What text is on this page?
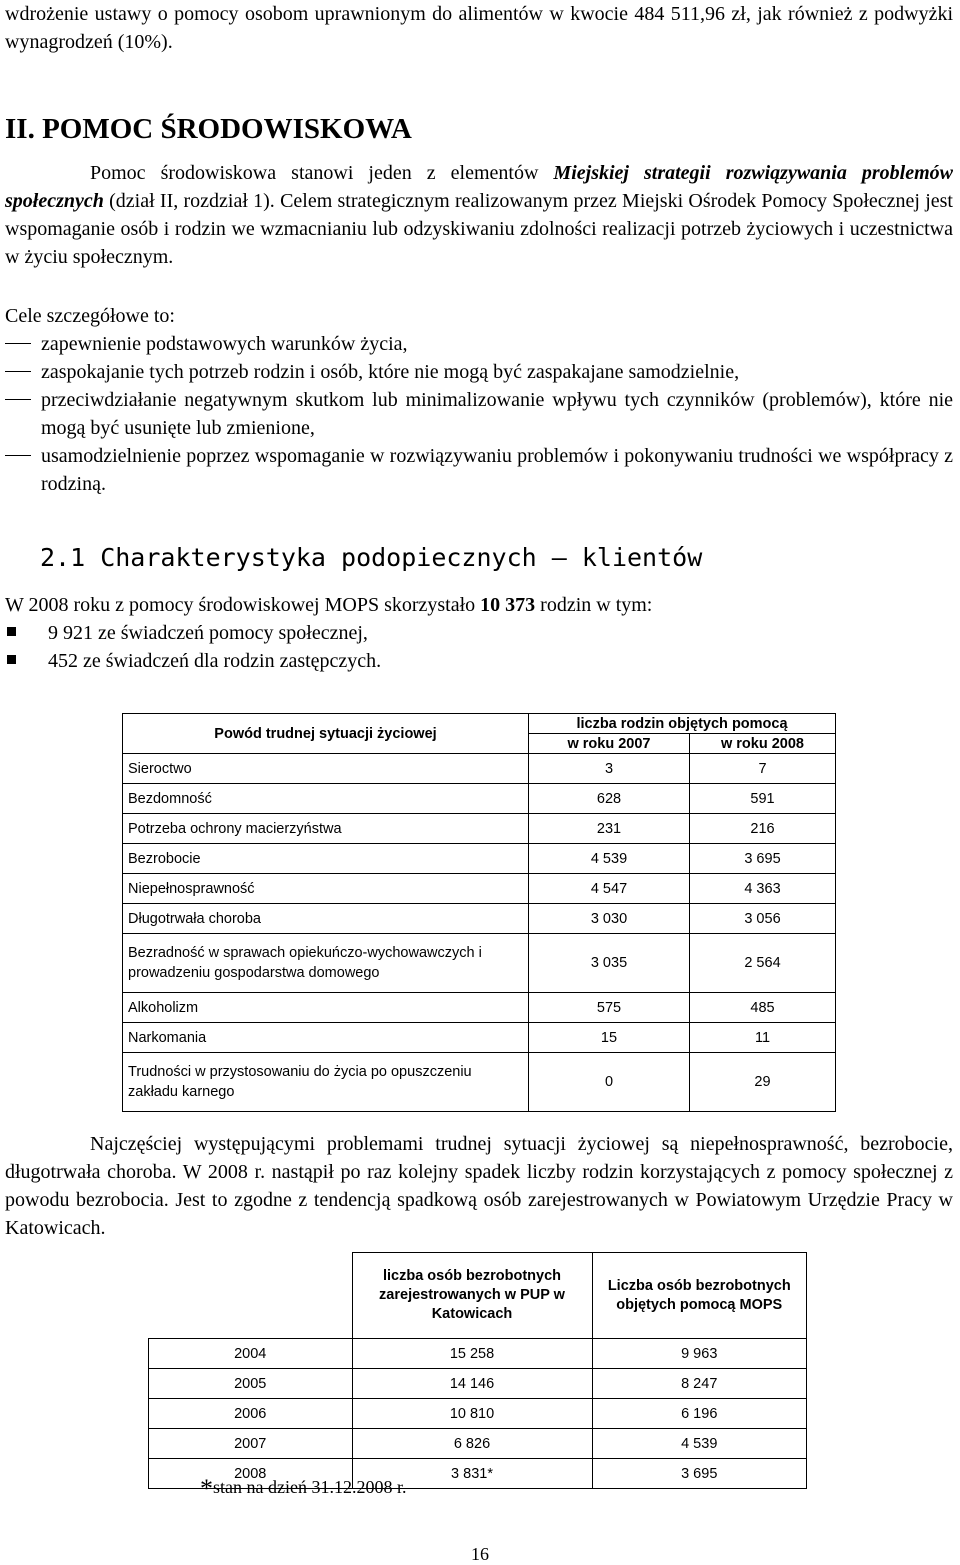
wdrożenie ustawy o pomocy osobom uprawnionym do alimentów w kwocie 484 511,96 zł, jak również z podwyżki wynagrodzeń (10%).
II. POMOC ŚRODOWISKOWA
Pomoc środowiskowa stanowi jeden z elementów Miejskiej strategii rozwiązywania problemów społecznych (dział II, rozdział 1). Celem strategicznym realizowanym przez Miejski Ośrodek Pomocy Społecznej jest wspomaganie osób i rodzin we wzmacnianiu lub odzyskiwaniu zdolności realizacji potrzeb życiowych i uczestnictwa w życiu społecznym.
Cele szczegółowe to:
zapewnienie podstawowych warunków życia,
zaspokajanie tych potrzeb rodzin i osób, które nie mogą być zaspakajane samodzielnie,
przeciwdziałanie negatywnym skutkom lub minimalizowanie wpływu tych czynników (problemów), które nie mogą być usunięte lub zmienione,
usamodzielnienie poprzez wspomaganie w rozwiązywaniu problemów i pokonywaniu trudności we współpracy z rodziną.
2.1 Charakterystyka podopiecznych – klientów
W 2008 roku z pomocy środowiskowej MOPS skorzystało 10 373 rodzin w tym:
9 921 ze świadczeń pomocy społecznej,
452 ze świadczeń dla rodzin zastępczych.
Powód trudnej sytuacji życiowej	liczba rodzin objętych pomocą	
	w roku 2007	w roku 2008
Sieroctwo	3	7
Bezdomność	628	591
Potrzeba ochrony macierzyństwa	231	216
Bezrobocie	4 539	3 695
Niepełnosprawność	4 547	4 363
Długotrwała choroba	3 030	3 056
Bezradność w sprawach opiekuńczo-wychowawczych i prowadzeniu gospodarstwa domowego	3 035	2 564
Alkoholizm	575	485
Narkomania	15	11
Trudności w przystosowaniu do życia po opuszczeniu zakładu karnego	0	29
Najczęściej występującymi problemami trudnej sytuacji życiowej są niepełnosprawność, bezrobocie, długotrwała choroba. W 2008 r. nastąpił po raz kolejny spadek liczby rodzin korzystających z pomocy społecznej z powodu bezrobocia. Jest to zgodne z tendencją spadkową osób zarejestrowanych w Powiatowym Urzędzie Pracy w Katowicach.
	liczba osób bezrobotnych zarejestrowanych w PUP w Katowicach	Liczba osób bezrobotnych objętych pomocą MOPS
2004	15 258	9 963
2005	14 146	8 247
2006	10 810	6 196
2007	6 826	4 539
2008	3 831*	3 695
*stan na dzień 31.12.2008 r.
16
